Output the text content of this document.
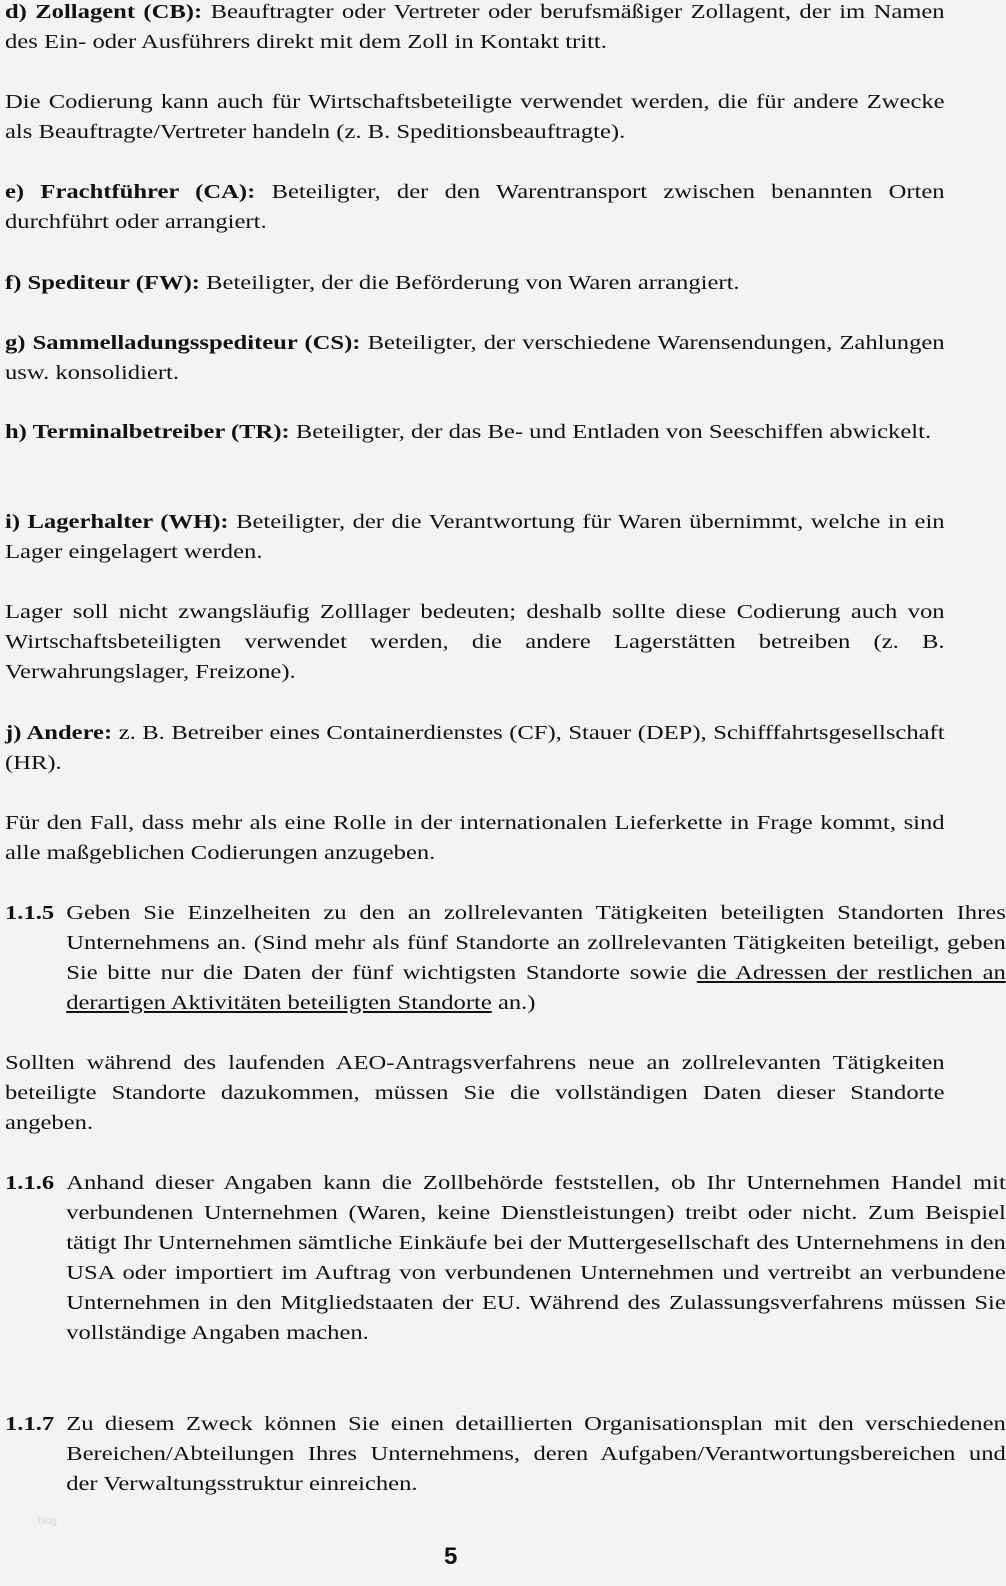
d) Zollagent (CB): Beauftragter oder Vertreter oder berufsmäßiger Zollagent, der im Namen des Ein- oder Ausführers direkt mit dem Zoll in Kontakt tritt.
Die Codierung kann auch für Wirtschaftsbeteiligte verwendet werden, die für andere Zwecke als Beauftragte/Vertreter handeln (z. B. Speditionsbeauftragte).
e) Frachtführer (CA): Beteiligter, der den Warentransport zwischen benannten Orten durchführt oder arrangiert.
f) Spediteur (FW): Beteiligter, der die Beförderung von Waren arrangiert.
g) Sammelladungsspediteur (CS): Beteiligter, der verschiedene Warensendungen, Zahlungen usw. konsolidiert.
h) Terminalbetreiber (TR): Beteiligter, der das Be- und Entladen von Seeschiffen abwickelt.
i) Lagerhalter (WH): Beteiligter, der die Verantwortung für Waren übernimmt, welche in ein Lager eingelagert werden.
Lager soll nicht zwangsläufig Zolllager bedeuten; deshalb sollte diese Codierung auch von Wirtschaftsbeteiligten verwendet werden, die andere Lagerstätten betreiben (z. B. Verwahrungslager, Freizone).
j) Andere: z. B. Betreiber eines Containerdienstes (CF), Stauer (DEP), Schifffahrtsgesellschaft (HR).
Für den Fall, dass mehr als eine Rolle in der internationalen Lieferkette in Frage kommt, sind alle maßgeblichen Codierungen anzugeben.
1.1.5 Geben Sie Einzelheiten zu den an zollrelevanten Tätigkeiten beteiligten Standorten Ihres Unternehmens an. (Sind mehr als fünf Standorte an zollrelevanten Tätigkeiten beteiligt, geben Sie bitte nur die Daten der fünf wichtigsten Standorte sowie die Adressen der restlichen an derartigen Aktivitäten beteiligten Standorte an.)
Sollten während des laufenden AEO-Antragsverfahrens neue an zollrelevanten Tätigkeiten beteiligte Standorte dazukommen, müssen Sie die vollständigen Daten dieser Standorte angeben.
1.1.6 Anhand dieser Angaben kann die Zollbehörde feststellen, ob Ihr Unternehmen Handel mit verbundenen Unternehmen (Waren, keine Dienstleistungen) treibt oder nicht. Zum Beispiel tätigt Ihr Unternehmen sämtliche Einkäufe bei der Muttergesellschaft des Unternehmens in den USA oder importiert im Auftrag von verbundenen Unternehmen und vertreibt an verbundene Unternehmen in den Mitgliedstaaten der EU. Während des Zulassungsverfahrens müssen Sie vollständige Angaben machen.
1.1.7 Zu diesem Zweck können Sie einen detaillierten Organisationsplan mit den verschiedenen Bereichen/Abteilungen Ihres Unternehmens, deren Aufgaben/Verantwortungsbereichen und der Verwaltungsstruktur einreichen.
blog
5
